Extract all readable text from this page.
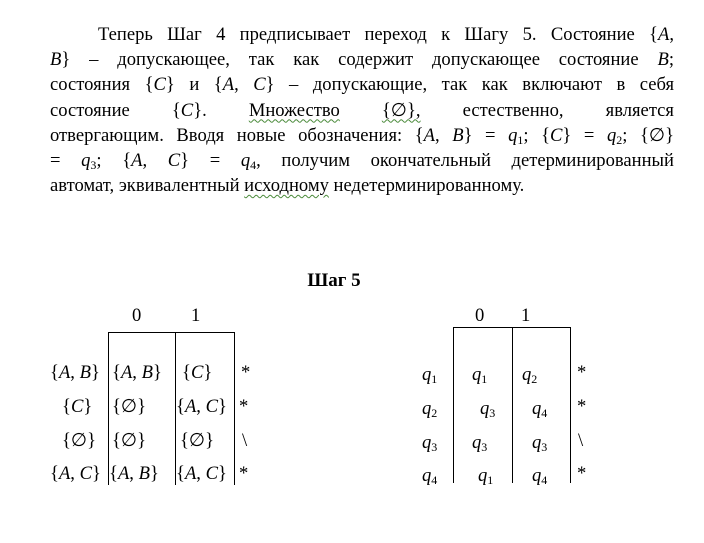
Теперь Шаг 4 предписывает переход к Шагу 5. Состояние {A,
B} – допускающее, так как содержит допускающее состояние B;
состояния {C} и {A, C} – допускающие, так как включают в себя
состояние {C}. Множество {∅}, естественно, является
отвергающим. Вводя новые обозначения: {A, $B\} = q_1$; $\{C\} = q_2$; {∅}
= $q_3$; {A, $C\} = q_4$, получим окончательный детерминированный
автомат, эквивалентный исходному недетерминированному.
Шаг 5
0	1
{A, B} {A, B} {C} *
{C} {∅} {A, C} *
{∅} {∅} {∅} \
{A, C} {A, B} {A, C} *
0 1
$q_1$ $q_1$ $q_2$ *
$q_2$ $q_3$ $q_4$ *
$q_3$ $q_3$ $q_3$ \
$q_4$ $q_1$ $q_4$ *
